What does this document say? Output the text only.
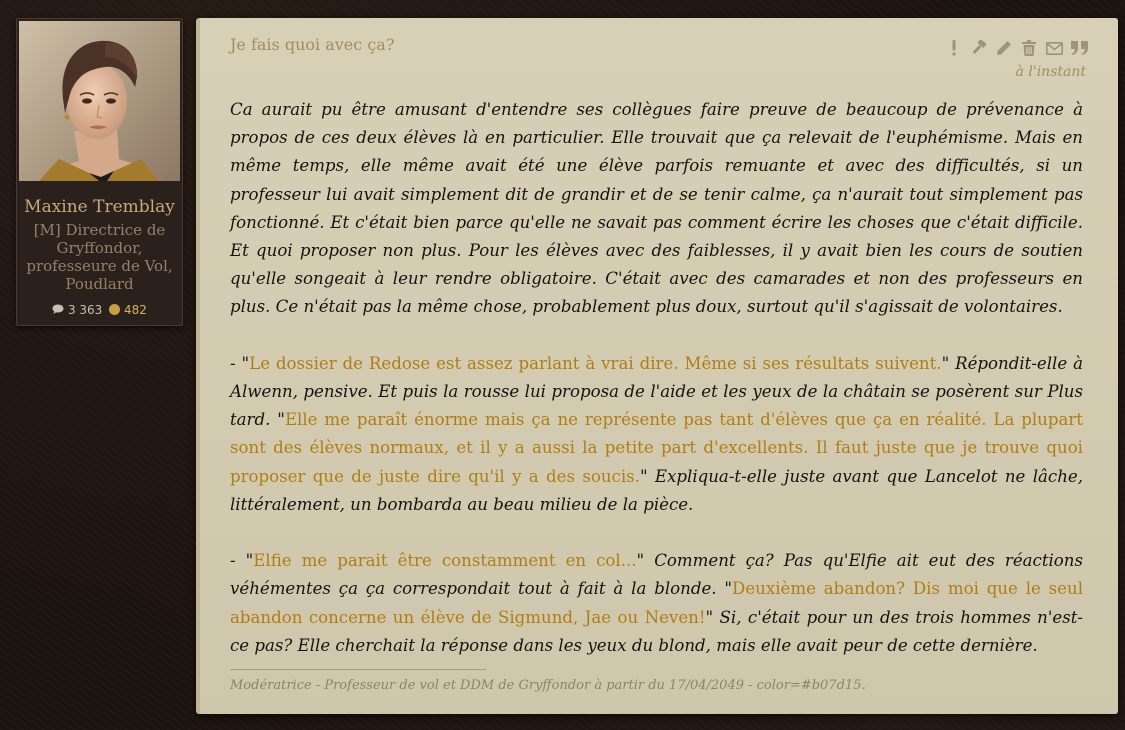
Maxine Tremblay
[M] Directrice de Gryffondor, professeure de Vol, Poudlard
3 363 482
Je fais quoi avec ça?
à l'instant

Ca aurait pu être amusant d'entendre ses collègues faire preuve de beaucoup de prévenance à propos de ces deux élèves là en particulier. Elle trouvait que ça relevait de l'euphémisme. Mais en même temps, elle même avait été une élève parfois remuante et avec des difficultés, si un professeur lui avait simplement dit de grandir et de se tenir calme, ça n'aurait tout simplement pas fonctionné. Et c'était bien parce qu'elle ne savait pas comment écrire les choses que c'était difficile. Et quoi proposer non plus. Pour les élèves avec des faiblesses, il y avait bien les cours de soutien qu'elle songeait à leur rendre obligatoire. C'était avec des camarades et non des professeurs en plus. Ce n'était pas la même chose, probablement plus doux, surtout qu'il s'agissait de volontaires.

- "Le dossier de Redose est assez parlant à vrai dire. Même si ses résultats suivent." Répondit-elle à Alwenn, pensive. Et puis la rousse lui proposa de l'aide et les yeux de la châtain se posèrent sur Plus tard. "Elle me paraît énorme mais ça ne représente pas tant d'élèves que ça en réalité. La plupart sont des élèves normaux, et il y a aussi la petite part d'excellents. Il faut juste que je trouve quoi proposer que de juste dire qu'il y a des soucis." Expliqua-t-elle juste avant que Lancelot ne lâche, littéralement, un bombarda au beau milieu de la pièce.

- "Elfie me parait être constamment en col..." Comment ça? Pas qu'Elfie ait eut des réactions véhémentes ça ça correspondait tout à fait à la blonde. "Deuxième abandon? Dis moi que le seul abandon concerne un élève de Sigmund, Jae ou Neven!" Si, c'était pour un des trois hommes n'est-ce pas? Elle cherchait la réponse dans les yeux du blond, mais elle avait peur de cette dernière.

Modératrice - Professeur de vol et DDM de Gryffondor à partir du 17/04/2049 - color=#b07d15.
